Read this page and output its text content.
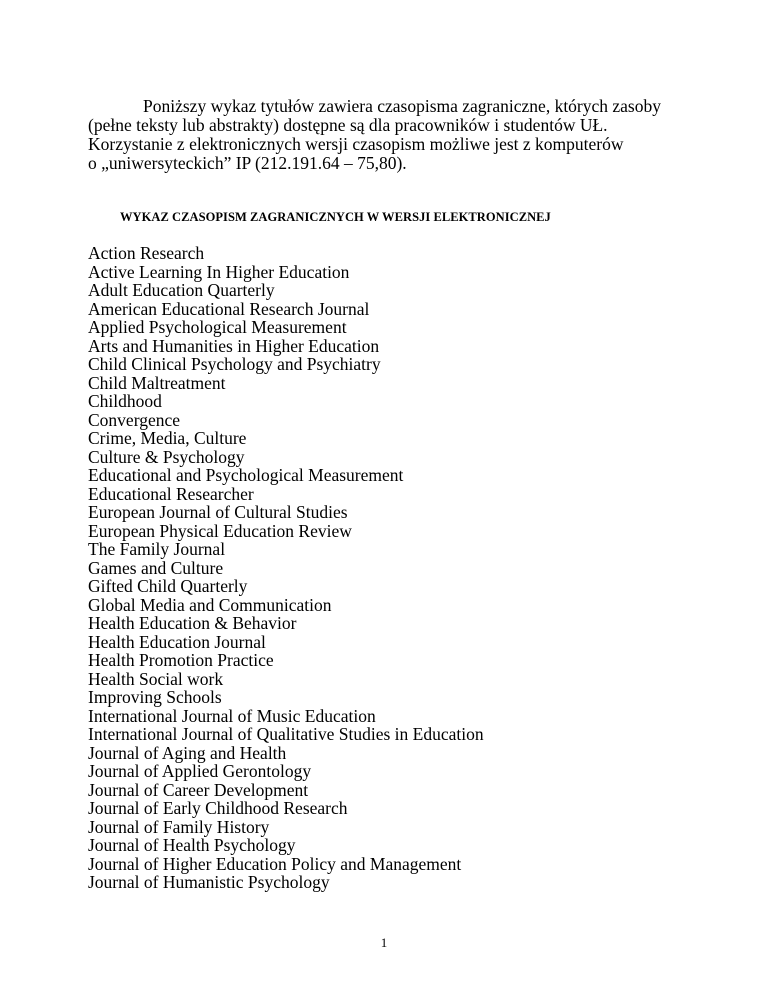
Poniższy wykaz tytułów zawiera czasopisma zagraniczne, których zasoby
(pełne teksty lub abstrakty) dostępne są dla pracowników i studentów UŁ.
Korzystanie z elektronicznych wersji czasopism możliwe jest z komputerów
o „uniwersyteckich” IP (212.191.64 – 75,80).
WYKAZ CZASOPISM ZAGRANICZNYCH W WERSJI ELEKTRONICZNEJ
Action Research
Active Learning In Higher Education
Adult Education Quarterly
American Educational Research Journal
Applied Psychological Measurement
Arts and Humanities in Higher Education
Child Clinical Psychology and Psychiatry
Child Maltreatment
Childhood
Convergence
Crime, Media, Culture
Culture & Psychology
Educational and Psychological Measurement
Educational Researcher
European Journal of Cultural Studies
European Physical Education Review
The Family Journal
Games and Culture
Gifted Child Quarterly
Global Media and Communication
Health Education & Behavior
Health Education Journal
Health Promotion Practice
Health Social work
Improving Schools
International Journal of Music Education
International Journal of Qualitative Studies in Education
Journal of Aging and Health
Journal of Applied Gerontology
Journal of Career Development
Journal of Early Childhood Research
Journal of Family History
Journal of Health Psychology
Journal of Higher Education Policy and Management
Journal of Humanistic Psychology
1
